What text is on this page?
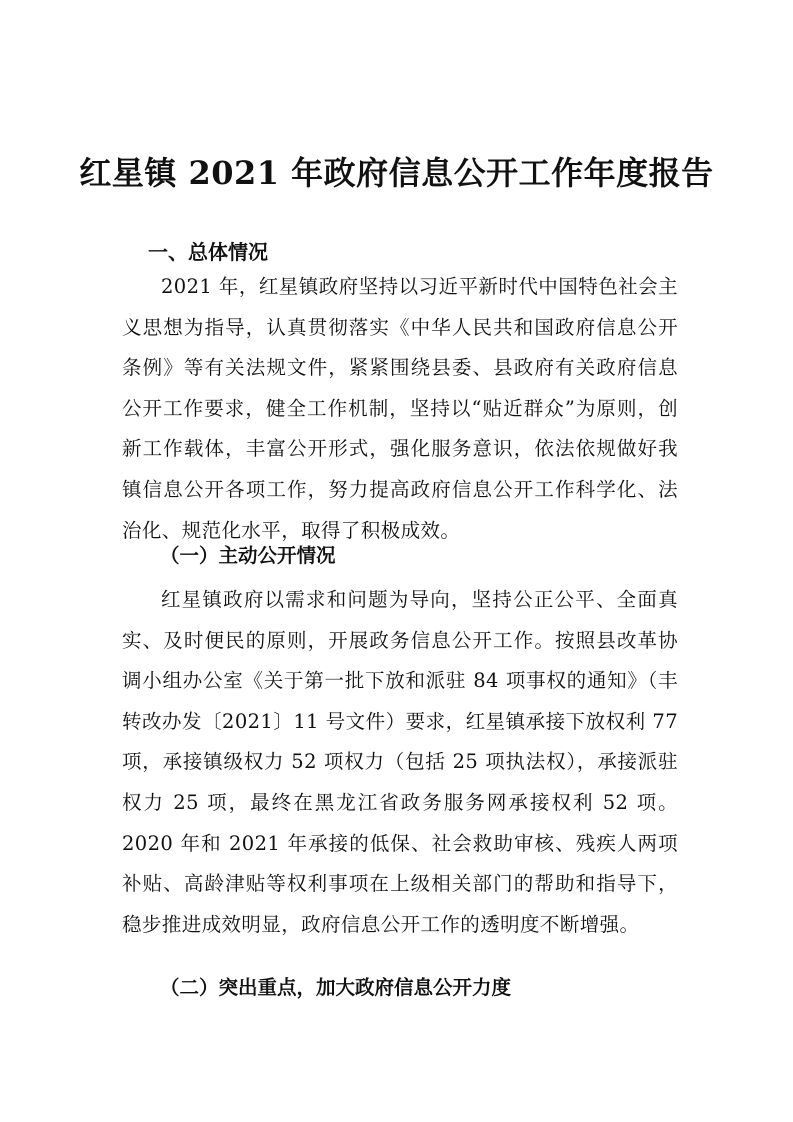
红星镇 2021 年政府信息公开工作年度报告
一、总体情况

2021 年，红星镇政府坚持以习近平新时代中国特色社会主义思想为指导，认真贯彻落实《中华人民共和国政府信息公开条例》等有关法规文件，紧紧围绕县委、县政府有关政府信息公开工作要求，健全工作机制，坚持以“贴近群众”为原则，创新工作载体，丰富公开形式，强化服务意识，依法依规做好我镇信息公开各项工作，努力提高政府信息公开工作科学化、法治化、规范化水平，取得了积极成效。

（一）主动公开情况

红星镇政府以需求和问题为导向，坚持公正公平、全面真实、及时便民的原则，开展政务信息公开工作。按照县改革协调小组办公室《关于第一批下放和派驻 84 项事权的通知》（丰转改办发〔2021〕11 号文件）要求，红星镇承接下放权利 77 项，承接镇级权力 52 项权力（包括 25 项执法权），承接派驻权力 25 项，最终在黑龙江省政务服务网承接权利 52 项。2020 年和 2021 年承接的低保、社会救助审核、残疾人两项补贴、高龄津贴等权利事项在上级相关部门的帮助和指导下，稳步推进成效明显，政府信息公开工作的透明度不断增强。

（二）突出重点，加大政府信息公开力度
